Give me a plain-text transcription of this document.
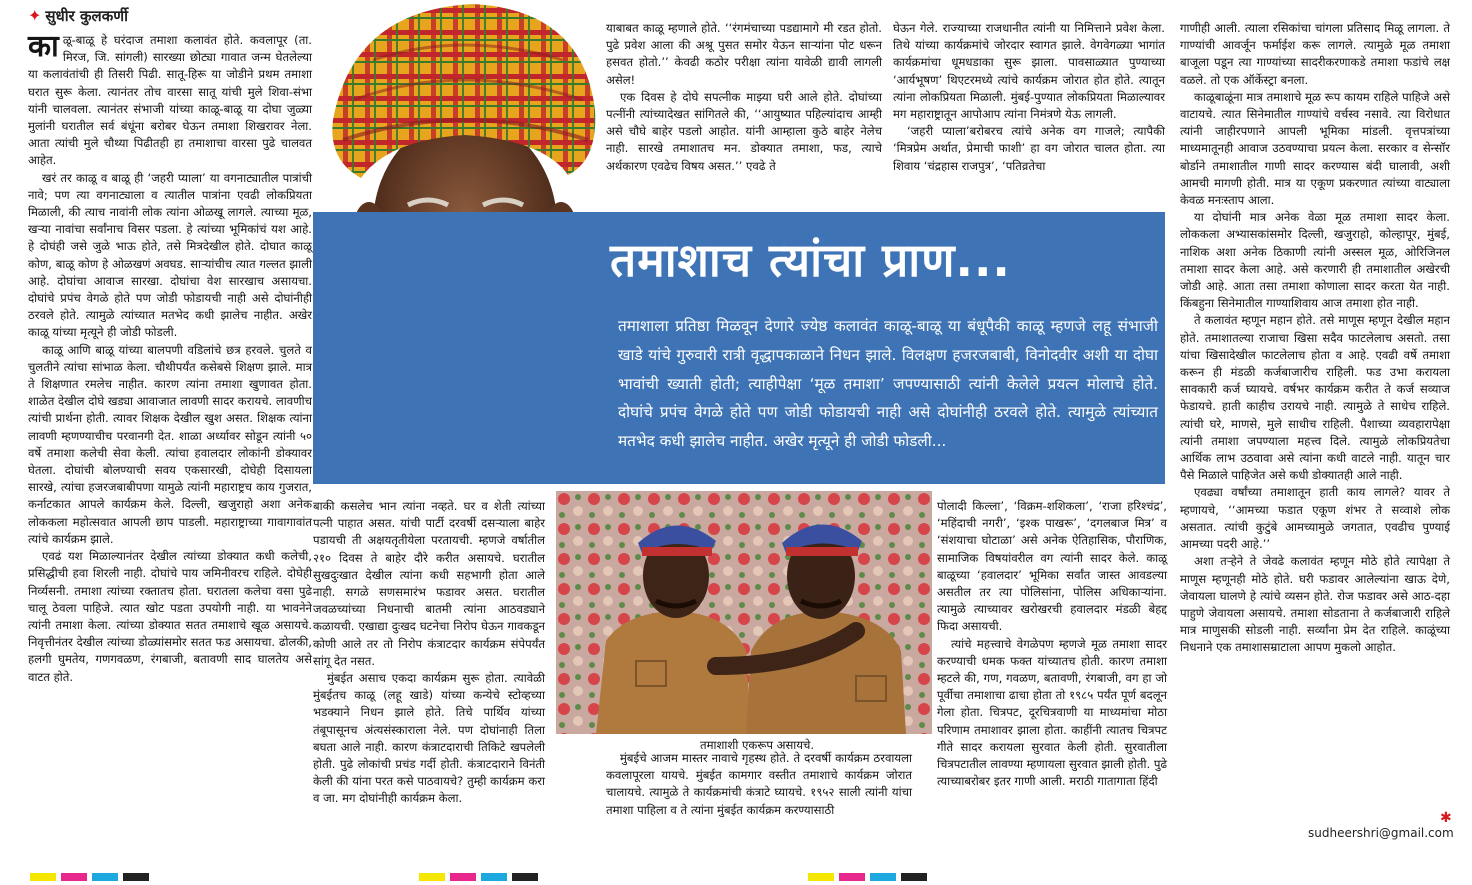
✦ सुधीर कुलकर्णी

काळू-बाळू हे घरंदाज तमाशा कलावंत होते. कवलापूर (ता. मिरज, जि. सांगली) सारख्या छोट्या गावात जन्म घेतलेल्या या कलावंतांची ही तिसरी पिढी. सातू-हिरू या जोडीने प्रथम तमाशा घरात सुरू केला. त्यानंतर तोच वारसा सातू यांची मुले शिवा-संभा यांनी चालवला. त्यानंतर संभाजी यांच्या काळू-बाळू या दोघा जुळ्या मुलांनी घरातील सर्व बंधूंना बरोबर घेऊन तमाशा शिखरावर नेला. आता त्यांची मुले चौथ्या पिढीतही हा तमाशाचा वारसा पुढे चालवत आहेत.

खरं तर काळू व बाळू ही ‘जहरी प्याला’ या वगनाट्यातील पात्रांची नावे; पण त्या वगनाट्याला व त्यातील पात्रांना एवढी लोकप्रियता मिळाली, की त्याच नावांनी लोक त्यांना ओळखू लागले. त्याच्या मूळ, खऱ्या नावांचा सर्वांनाच विसर पडला. हे त्यांच्या भूमिकांचं यश आहे. हे दोघंही जसे जुळे भाऊ होते, तसे मित्रदेखील होते. दोघात काळू कोण, बाळू कोण हे ओळखणं अवघड. साऱ्यांचीच त्यात गल्लत झाली आहे. दोघांचा आवाज सारखा. दोघांचा वेश सारखाच असायचा. दोघांचे प्रपंच वेगळे होते पण जोडी फोडायची नाही असे दोघांनीही ठरवले होते. त्यामुळे त्यांच्यात मतभेद कधी झालेच नाहीत. अखेर काळू यांच्या मृत्यूने ही जोडी फोडली.

काळू आणि बाळू यांच्या बालपणी वडिलांचे छत्र हरवले. चुलते व चुलतीने त्यांचा सांभाळ केला. चौथीपर्यंत कसेबसे शिक्षण झाले. मात्र ते शिक्षणात रमलेच नाहीत. कारण त्यांना तमाशा खुणावत होता. शाळेत देखील दोघे खड्या आवाजात लावणी सादर करायचे. लावणीच त्यांची प्रार्थना होती. त्यावर शिक्षक देखील खुश असत. शिक्षक त्यांना लावणी म्हणण्याचीच परवानगी देत. शाळा अर्ध्यावर सोडून त्यांनी ५० वर्षे तमाशा कलेची सेवा केली. त्यांचा हवालदार लोकांनी डोक्यावर घेतला. दोघांची बोलण्याची सवय एकसारखी, दोघेही दिसायला सारखे, त्यांचा हजरजबाबीपणा यामुळे त्यांनी महाराष्ट्रच काय गुजरात, कर्नाटकात आपले कार्यक्रम केले. दिल्ली, खजुराहो अशा अनेक लोककला महोत्सवात आपली छाप पाडली. महाराष्ट्राच्या गावागावांत त्यांचे कार्यक्रम झाले.

एवढं यश मिळाल्यानंतर देखील त्यांच्या डोक्यात कधी कलेची, प्रसिद्धीची हवा शिरली नाही. दोघांचे पाय जमिनीवरच राहिले. दोघेही निर्व्यसनी. तमाशा त्यांच्या रक्तातच होता. घरातला कलेचा वसा पुढे चालू ठेवला पाहिजे. त्यात खोट पडता उपयोगी नाही. या भावनेने त्यांनी तमाशा केला. त्यांच्या डोक्यात सतत तमाशाचे खूळ असायचे. निवृत्तीनंतर देखील त्यांच्या डोळ्यांसमोर सतत फड असायचा. ढोलकी, हलगी घुमतेय, गणगवळण, रंगबाजी, बतावणी साद घालतेय असे वाटत होते.

याबाबत काळू म्हणाले होते. ‘‘रंगमंचाच्या पडद्यामागे मी रडत होतो. पुढे प्रवेश आला की अश्रू पुसत समोर येऊन साऱ्यांना पोट धरून हसवत होतो.’’ केवढी कठोर परीक्षा त्यांना यावेळी द्यावी लागली असेल!

एक दिवस हे दोघे सपत्नीक माझ्या घरी आले होते. दोघांच्या पत्नींनी त्यांच्यादेखत सांगितले की, ‘‘आयुष्यात पहिल्यांदाच आम्ही असे चौघे बाहेर पडलो आहोत. यांनी आम्हाला कुठे बाहेर नेलेच नाही. सारखे तमाशातच मन. डोक्यात तमाशा, फड, त्याचे अर्थकारण एवढेच विषय असत.’’ एवढे ते

घेऊन गेले. राज्याच्या राजधानीत त्यांनी या निमित्ताने प्रवेश केला. तिथे यांच्या कार्यक्रमांचे जोरदार स्वागत झाले. वेगवेगळ्या भागांत कार्यक्रमांचा धूमधडाका सुरू झाला. पावसाळ्यात पुण्याच्या ‘आर्यभूषण’ थिएटरमध्ये त्यांचे कार्यक्रम जोरात होत होते. त्यातून त्यांना लोकप्रियता मिळाली. मुंबई-पुण्यात लोकप्रियता मिळाल्यावर मग महाराष्ट्रातून आपोआप त्यांना निमंत्रणे येऊ लागली.

‘जहरी प्याला’बरोबरच त्यांचे अनेक वग गाजले; त्यापैकी ‘मित्रप्रेम अर्थात, प्रेमाची फाशी’ हा वग जोरात चालत होता. त्या शिवाय ‘चंद्रहास राजपुत्र’, ‘पतिव्रतेचा

तमाशाच त्यांचा प्राण...
तमाशाला प्रतिष्ठा मिळवून देणारे ज्येष्ठ कलावंत काळू-बाळू या बंधूपैकी काळू म्हणजे लहू संभाजी खाडे यांचे गुरुवारी रात्री वृद्धापकाळाने निधन झाले. विलक्षण हजरजबाबी, विनोदवीर अशी या दोघा भावांची ख्याती होती; त्याहीपेक्षा ‘मूळ तमाशा’ जपण्यासाठी त्यांनी केलेले प्रयत्न मोलाचे होते. दोघांचे प्रपंच वेगळे होते पण जोडी फोडायची नाही असे दोघांनीही ठरवले होते. त्यामुळे त्यांच्यात मतभेद कधी झालेच नाहीत. अखेर मृत्यूने ही जोडी फोडली...

बाकी कसलेच भान त्यांना नव्हते. घर व शेती त्यांच्या पत्नी पाहात असत. यांची पार्टी दरवर्षी दसऱ्याला बाहेर पडायची ती अक्षयतृतीयेला परतायची. म्हणजे वर्षातील २१० दिवस ते बाहेर दौरे करीत असायचे. घरातील सुखदुःखात देखील त्यांना कधी सहभागी होता आले नाही. सगळे सणसमारंभ फडावर असत. घरातील जवळच्यांच्या निधनाची बातमी त्यांना आठवड्याने कळायची. एखाद्या दुःखद घटनेचा निरोप घेऊन गावकडून कोणी आले तर तो निरोप कंत्राटदार कार्यक्रम संपेपर्यंत सांगू देत नसत.

मुंबईत असाच एकदा कार्यक्रम सुरू होता. त्यावेळी मुंबईतच काळू (लहू खाडे) यांच्या कन्येचे स्टोव्हच्या भडक्याने निधन झाले होते. तिचे पार्थिव यांच्या तंबूपासूनच अंत्यसंस्काराला नेले. पण दोघांनाही तिला बघता आले नाही. कारण कंत्राटदाराची तिकिटे खपलेली होती. पुढे लोकांची प्रचंड गर्दी होती. कंत्राटदाराने विनंती केली की यांना परत कसे पाठवायचे? तुम्ही कार्यक्रम करा व जा. मग दोघांनीही कार्यक्रम केला.

तमाशाशी एकरूप असायचे.

पोलादी किल्ला’, ‘विक्रम-शशिकला’, ‘राजा हरिश्चंद्र’, ‘महिंदाची नगरी’, ‘इश्क पाखरू’, ‘दगलबाज मित्र’ व ‘संशयाचा घोटाळा’ असे अनेक ऐतिहासिक, पौराणिक, सामाजिक विषयांवरील वग त्यांनी सादर केले. काळू बाळूच्या ‘हवालदार’ भूमिका सर्वांत जास्त आवडल्या असतील तर त्या पोलिसांना, पोलिस अधिकाऱ्यांना. त्यामुळे त्याच्यावर खरोखरची हवालदार मंडळी बेहद्द फिदा असायची.

त्यांचे महत्त्वाचे वेगळेपण म्हणजे मूळ तमाशा सादर करण्याची धमक फक्त यांच्यातच होती. कारण तमाशा म्हटले की, गण, गवळण, बतावणी, रंगबाजी, वग हा जो पूर्वीचा तमाशाचा ढाचा होता तो १९८५ पर्यंत पूर्ण बदलून गेला होता. चित्रपट, दूरचित्रवाणी या माध्यमांचा मोठा परिणाम तमाशावर झाला होता. काहींनी त्यातच चित्रपट गीते सादर करायला सुरवात केली होती. सुरवातीला चित्रपटातील लावण्या म्हणायला सुरवात झाली होती. पुढे त्याच्याबरोबर इतर गाणी आली. मराठी गातागाता हिंदी

मुंबईचे आजम मास्तर नावाचे गृहस्थ होते. ते दरवर्षी कार्यक्रम ठरवायला कवलापूरला यायचे. मुंबईत कामगार वस्तीत तमाशाचे कार्यक्रम जोरात चालायचे. त्यामुळे ते कार्यक्रमांची कंत्राटे घ्यायचे. १९५२ साली त्यांनी यांचा तमाशा पाहिला व ते त्यांना मुंबईत कार्यक्रम करण्यासाठी

गाणीही आली. त्याला रसिकांचा चांगला प्रतिसाद मिळू लागला. ते गाण्यांची आवर्जून फर्माईश करू लागले. त्यामुळे मूळ तमाशा बाजूला पडून त्या गाण्यांच्या सादरीकरणाकडे तमाशा फडांचे लक्ष वळले. तो एक ऑर्केस्ट्रा बनला.

काळूबाळूंना मात्र तमाशाचे मूळ रूप कायम राहिले पाहिजे असे वाटायचे. त्यात सिनेमातील गाण्यांचे वर्चस्व नसावे. त्या विरोधात त्यांनी जाहीरपणाने आपली भूमिका मांडली. वृत्तपत्रांच्या माध्यमातूनही आवाज उठवण्याचा प्रयत्न केला. सरकार व सेन्सॉर बोर्डाने तमाशातील गाणी सादर करण्यास बंदी घालावी, अशी आमची मागणी होती. मात्र या एकूण प्रकरणात त्यांच्या वाट्याला केवळ मनःस्ताप आला.

या दोघांनी मात्र अनेक वेळा मूळ तमाशा सादर केला. लोककला अभ्यासकांसमोर दिल्ली, खजुराहो, कोल्हापूर, मुंबई, नाशिक अशा अनेक ठिकाणी त्यांनी अस्सल मूळ, ओरिजिनल तमाशा सादर केला आहे. असे करणारी ही तमाशातील अखेरची जोडी आहे. आता तसा तमाशा कोणाला सादर करता येत नाही. किंबहुना सिनेमातील गाण्याशिवाय आज तमाशा होत नाही.

ते कलावंत म्हणून महान होते. तसे माणूस म्हणून देखील महान होते. तमाशातल्या राजाचा खिसा सदैव फाटलेलाच असतो. तसा यांचा खिसादेखील फाटलेलाच होता व आहे. एवढी वर्षे तमाशा करून ही मंडळी कर्जबाजारीच राहिली. फड उभा करायला सावकारी कर्ज घ्यायचे. वर्षभर कार्यक्रम करीत ते कर्ज सव्याज फेडायचे. हाती काहीच उरायचे नाही. त्यामुळे ते साधेच राहिले. त्यांची घरे, माणसे, मुले साधीच राहिली. पैशाच्या व्यवहारापेक्षा त्यांनी तमाशा जपण्याला महत्त्व दिले. त्यामुळे लोकप्रियतेचा आर्थिक लाभ उठवावा असे त्यांना कधी वाटले नाही. यातून चार पैसे मिळाले पाहिजेत असे कधी डोक्यातही आले नाही.

एवढ्या वर्षांच्या तमाशातून हाती काय लागले? यावर ते म्हणायचे, ‘‘आमच्या फडात एकूण शंभर ते सव्वाशे लोक असतात. त्यांची कुटुंबे आमच्यामुळे जगतात, एवढीच पुण्याई आमच्या पदरी आहे.’’

अशा तऱ्हेने ते जेवढे कलावंत म्हणून मोठे होते त्यापेक्षा ते माणूस म्हणूनही मोठे होते. घरी फडावर आलेल्यांना खाऊ देणे, जेवायला घालणे हे त्यांचे व्यसन होते. रोज फडावर असे आठ-दहा पाहुणे जेवायला असायचे. तमाशा सोडताना ते कर्जबाजारी राहिले मात्र माणुसकी सोडली नाही. सर्व्यांना प्रेम देत राहिले. काळूंच्या निधनाने एक तमाशासम्राटाला आपण मुकलो आहोत.

✱
sudheershri@gmail.com
